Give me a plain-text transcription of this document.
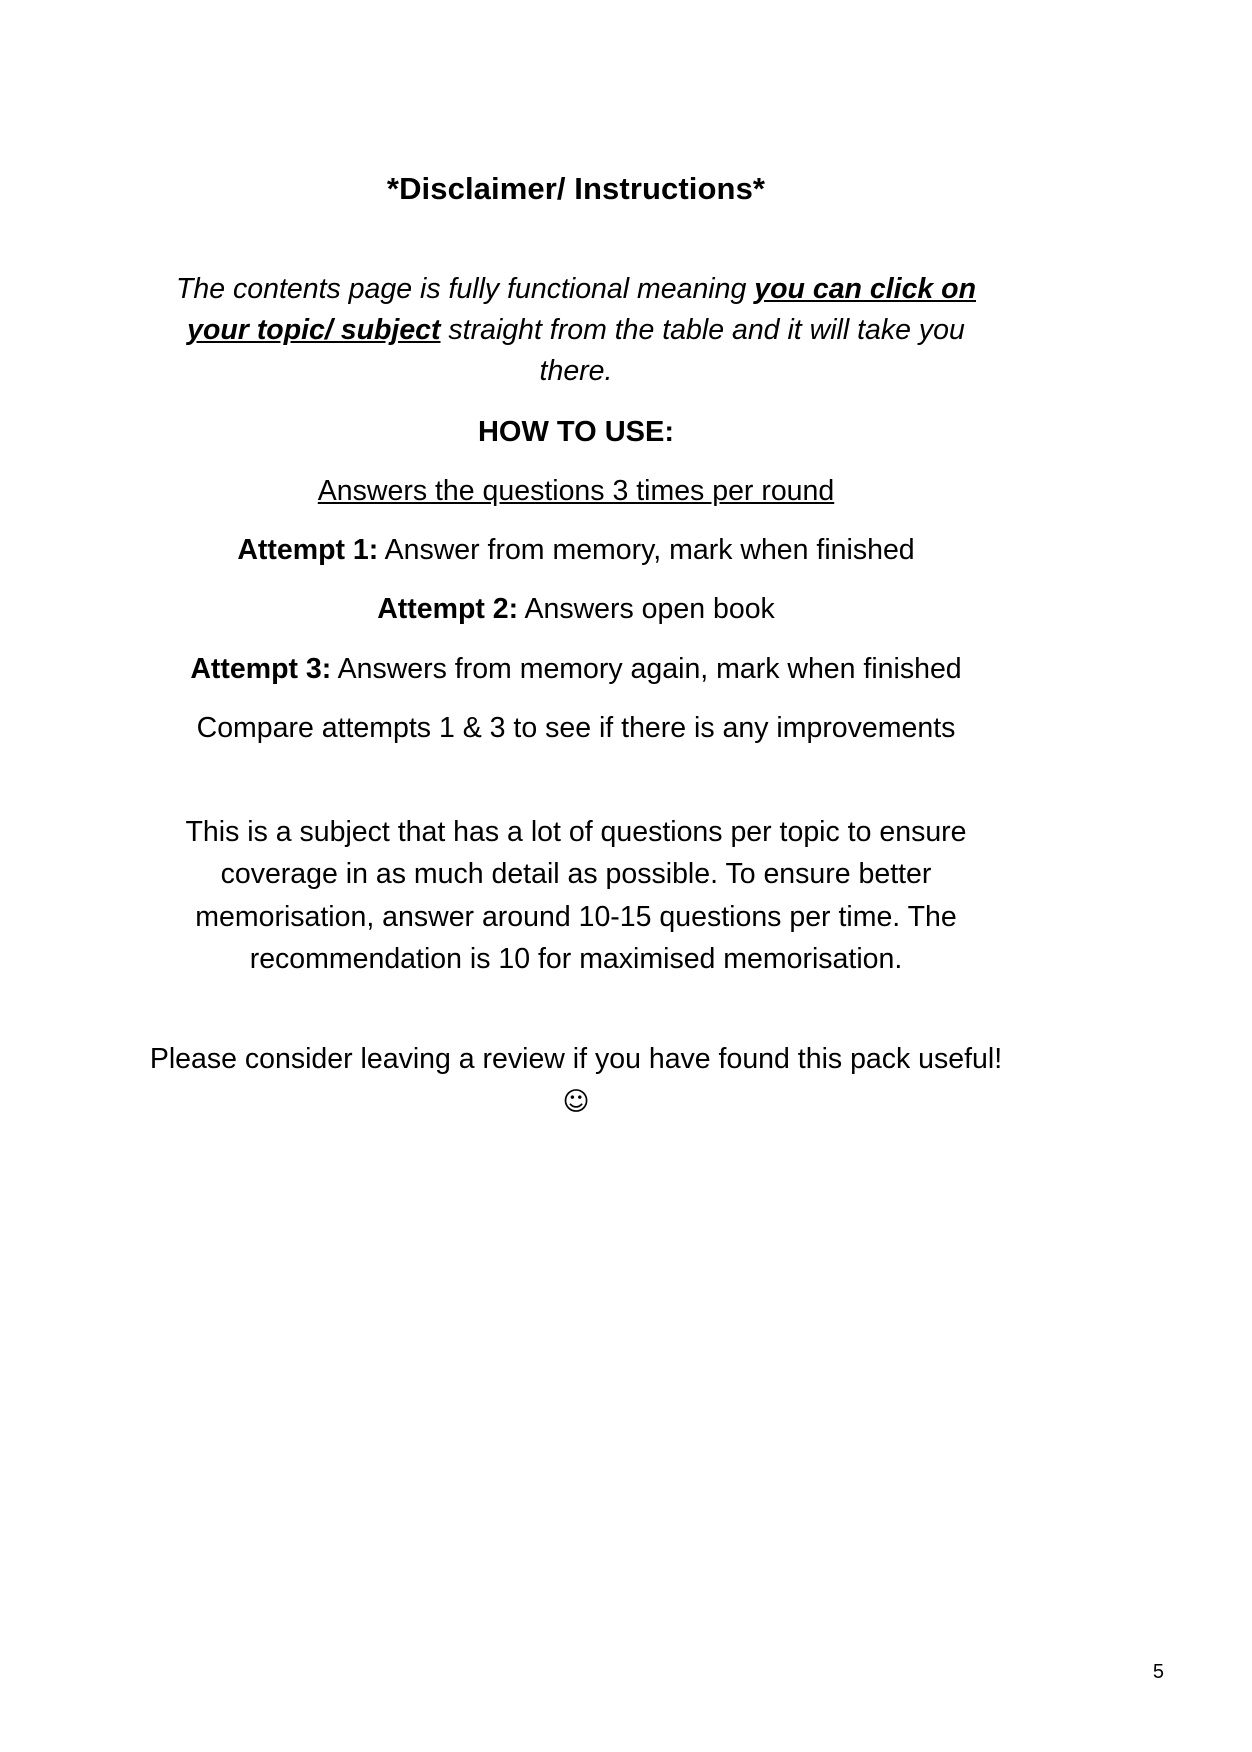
*Disclaimer/ Instructions*

The contents page is fully functional meaning you can click on your topic/ subject straight from the table and it will take you there.

HOW TO USE:

Answers the questions 3 times per round

Attempt 1: Answer from memory, mark when finished

Attempt 2: Answers open book

Attempt 3: Answers from memory again, mark when finished

Compare attempts 1 & 3 to see if there is any improvements

This is a subject that has a lot of questions per topic to ensure coverage in as much detail as possible. To ensure better memorisation, answer around 10-15 questions per time. The recommendation is 10 for maximised memorisation.

Please consider leaving a review if you have found this pack useful! ☺

5
